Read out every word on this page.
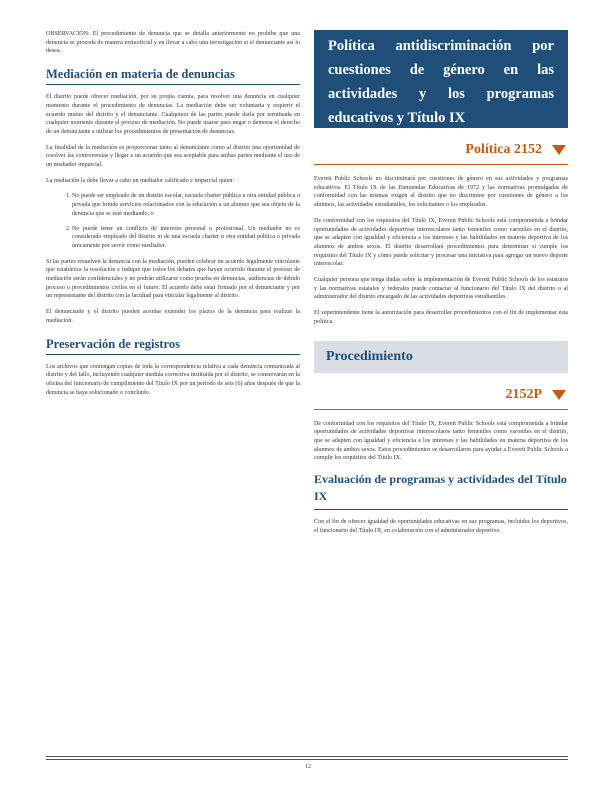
OBSERVACIÓN: El procedimiento de denuncia que se detalla anteriormente no prohíbe que una denuncia se proceda de manera extraoficial y en llevar a cabo una investigación si el denunciante así lo desea.

Mediación en materia de denuncias

El distrito puede ofrecer mediación, por su propia cuenta, para resolver una denuncia en cualquier momento durante el procedimiento de denuncias. La mediación debe ser voluntaria y requerir el acuerdo mutuo del distrito y el denunciante. Cualquiera de las partes puede darla por terminada en cualquier momento durante el proceso de mediación. No puede usarse para negar o demorar el derecho de un denunciante a utilizar los procedimientos de presentación de denuncias.

La finalidad de la mediación es proporcionar tanto al denunciante como al distrito una oportunidad de resolver las controversias y llegar a un acuerdo que sea aceptable para ambas partes mediante el uso de un mediador imparcial.

La mediación la debe llevar a cabo un mediador calificado e imparcial quien:

1. No puede ser empleado de un distrito escolar, escuela charter pública u otra entidad pública o privada que brinde servicios relacionados con la educación a un alumno que sea objeto de la denuncia que se esté mediando; o
2. No puede tener un conflicto de intereses personal o profesional. Un mediador no es considerado empleado del distrito ni de una escuela charter u otra entidad pública o privada únicamente por servir como mediador.

Si las partes resuelven la denuncia con la mediación, pueden celebrar un acuerdo legalmente vinculante que establezca la resolución e indique que todos los debates que hayan ocurrido durante el proceso de mediación serán confidenciales y no podrán utilizarse como prueba en denuncias, audiencias de debido proceso o procedimientos civiles en el futuro. El acuerdo debe estar firmado por el denunciante y por un representante del distrito con la facultad para vincular legalmente al distrito.

El denunciante y el distrito pueden acordar extender los plazos de la denuncia para realizar la mediación.

Preservación de registros

Los archivos que contengan copias de toda la correspondencia relativa a cada denuncia comunicada al distrito y del fallo, incluyendo cualquier medida correctiva instituida por el distrito, se conservarán en la oficina del funcionario de cumplimiento del Título IX por un periodo de seis (6) años después de que la denuncia se haya solucionado o concluido.

Política antidiscriminación por cuestiones de género en las actividades y los programas educativos y Título IX
Política 2152

Everett Public Schools no discriminará por cuestiones de género en sus actividades y programas educativos. El Título IX de las Enmiendas Educativas de 1972 y las normativas promulgadas de conformidad con las mismas exigen al distrito que no discrimine por cuestiones de género a los alumnos, las actividades estudiantiles, los solicitantes o los empleados.

De conformidad con los requisitos del Título IX, Everett Public Schools está comprometida a brindar oportunidades de actividades deportivas interescolares tanto femeniles como varoniles en el distrito, que se adapten con igualdad y eficiencia a los intereses y las habilidades en materia deportiva de los alumnos de ambos sexos. El distrito desarrollará procedimientos para determinar si cumple los requisitos del Título IX y cómo puede solicitar y procesar una iniciativa para agregar un nuevo deporte interescolar.

Cualquier persona que tenga dudas sobre la implementación de Everett Public Schools de los estatutos y las normativas estatales y federales puede contactar al funcionario del Título IX del distrito o al administrador del distrito encargado de las actividades deportivas estudiantiles.

El superintendente tiene la autorización para desarrollar procedimientos con el fin de implementar esta política.

Procedimiento
2152P

De conformidad con los requisitos del Título IX, Everett Public Schools está comprometida a brindar oportunidades de actividades deportivas interescolares tanto femeniles como varoniles en el distrito, que se adapten con igualdad y eficiencia a los intereses y las habilidades en materia deportiva de los alumnos de ambos sexos. Estos procedimientos se desarrollaron para ayudar a Everett Public Schools a cumplir los requisitos del Título IX.

Evaluación de programas y actividades del Título IX

Con el fin de ofrecer igualdad de oportunidades educativas en sus programas, incluidos los deportivos, el funcionario del Título IX, en colaboración con el administrador deportivo

12
